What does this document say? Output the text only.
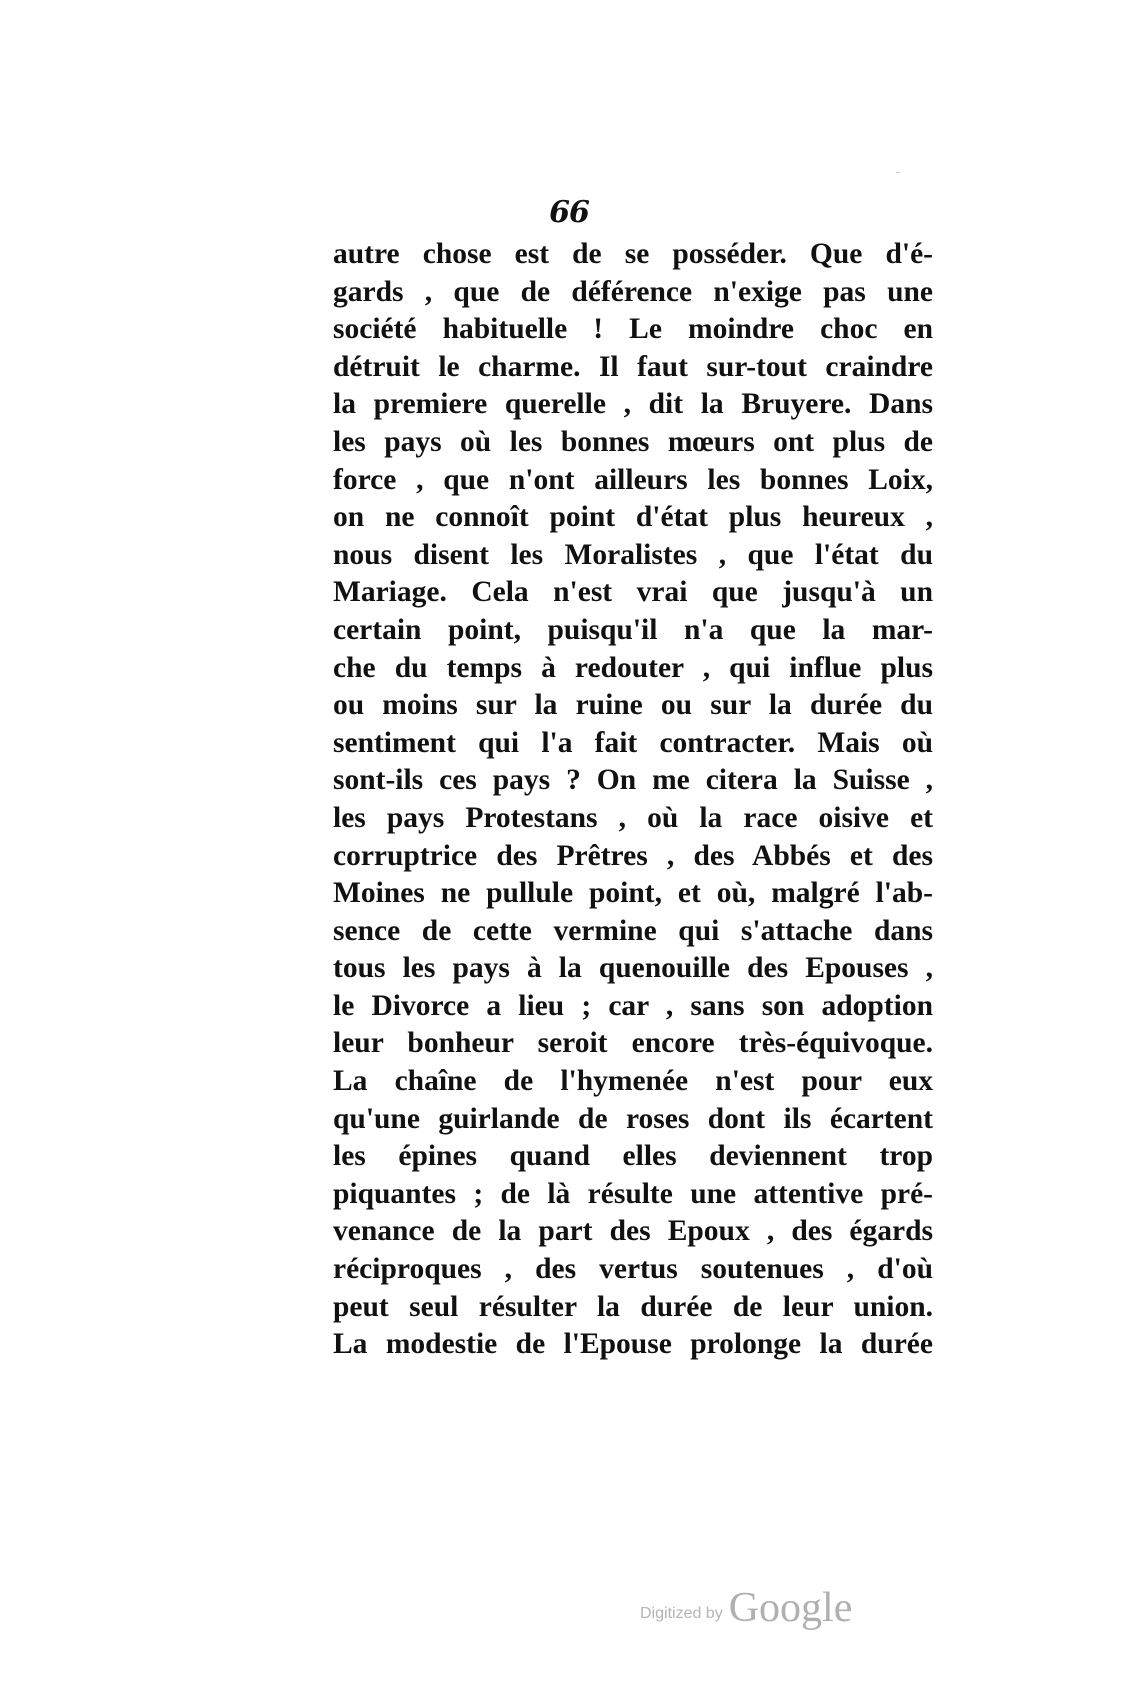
66
autre chose est de se posséder. Que d'é-
gards , que de déférence n'exige pas une
société habituelle ! Le moindre choc en
détruit le charme. Il faut sur-tout craindre
la premiere querelle , dit la Bruyere. Dans
les pays où les bonnes mœurs ont plus de
force , que n'ont ailleurs les bonnes Loix,
on ne connoît point d'état plus heureux ,
nous disent les Moralistes , que l'état du
Mariage. Cela n'est vrai que jusqu'à un
certain point, puisqu'il n'a que la mar-
che du temps à redouter , qui influe plus
ou moins sur la ruine ou sur la durée du
sentiment qui l'a fait contracter. Mais où
sont-ils ces pays ? On me citera la Suisse ,
les pays Protestans , où la race oisive et
corruptrice des Prêtres , des Abbés et des
Moines ne pullule point, et où, malgré l'ab-
sence de cette vermine qui s'attache dans
tous les pays à la quenouille des Epouses ,
le Divorce a lieu ; car , sans son adoption
leur bonheur seroit encore très-équivoque.
La chaîne de l'hymenée n'est pour eux
qu'une guirlande de roses dont ils écartent
les épines quand elles deviennent trop
piquantes ; de là résulte une attentive pré-
venance de la part des Epoux , des égards
réciproques , des vertus soutenues , d'où
peut seul résulter la durée de leur union.
La modestie de l'Epouse prolonge la durée
Digitized by Google
